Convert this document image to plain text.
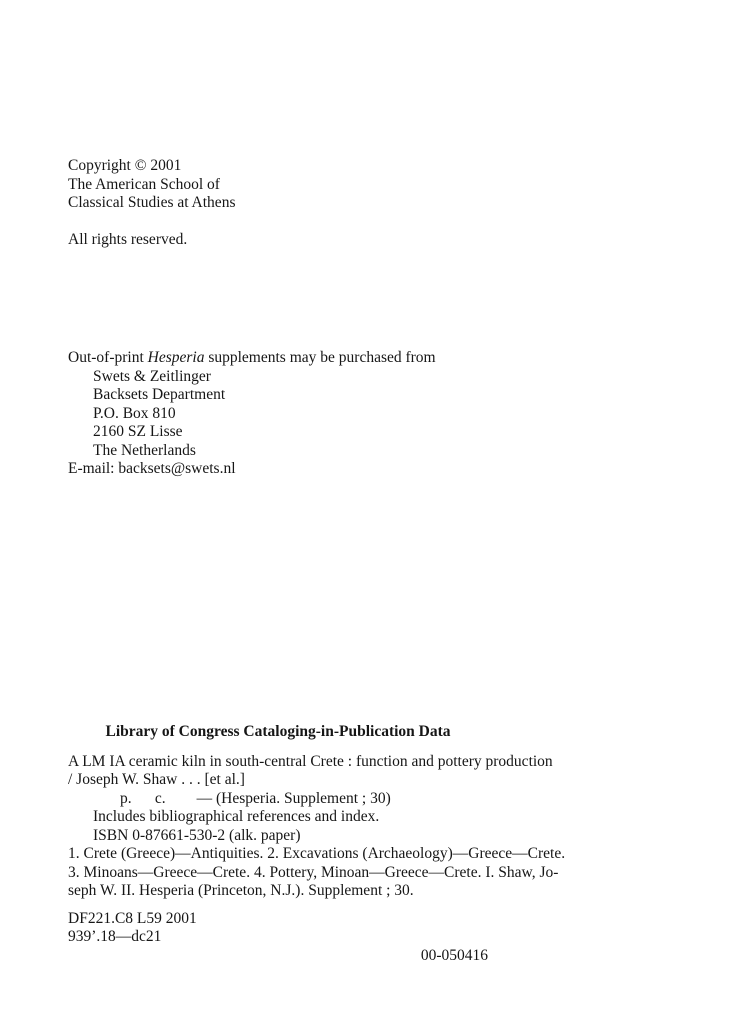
Copyright © 2001
The American School of
Classical Studies at Athens
All rights reserved.
Out-of-print Hesperia supplements may be purchased from
Swets & Zeitlinger
Backsets Department
P.O. Box 810
2160 SZ Lisse
The Netherlands
E-mail: backsets@swets.nl
Library of Congress Cataloging-in-Publication Data
A LM IA ceramic kiln in south-central Crete : function and pottery production
/ Joseph W. Shaw . . . [et al.]
p.      c.        — (Hesperia. Supplement ; 30)
Includes bibliographical references and index.
ISBN 0-87661-530-2 (alk. paper)
1. Crete (Greece)—Antiquities. 2. Excavations (Archaeology)—Greece—Crete.
3. Minoans—Greece—Crete. 4. Pottery, Minoan—Greece—Crete. I. Shaw, Jo-
seph W. II. Hesperia (Princeton, N.J.). Supplement ; 30.
DF221.C8 L59 2001
939’.18—dc21
00-050416
